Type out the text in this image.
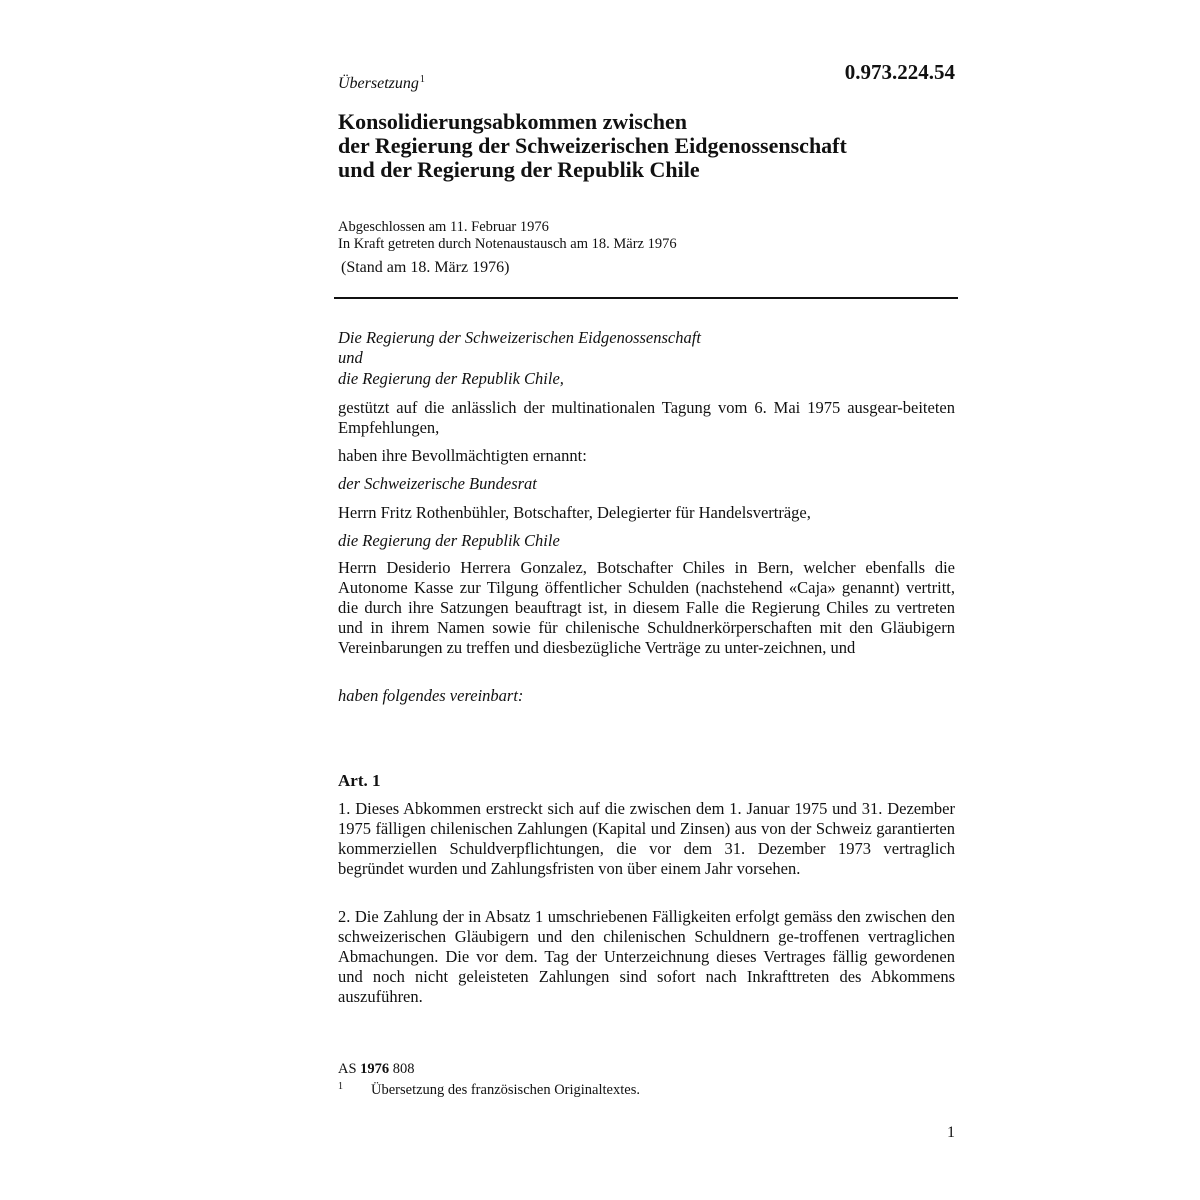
0.973.224.54
Übersetzung$^1$
Konsolidierungsabkommen zwischen
der Regierung der Schweizerischen Eidgenossenschaft
und der Regierung der Republik Chile
Abgeschlossen am 11. Februar 1976
In Kraft getreten durch Notenaustausch am 18. März 1976
(Stand am 18. März 1976)
Die Regierung der Schweizerischen Eidgenossenschaft
und
die Regierung der Republik Chile,
gestützt auf die anlässlich der multinationalen Tagung vom 6. Mai 1975 ausgear-beiteten Empfehlungen,
haben ihre Bevollmächtigten ernannt:
der Schweizerische Bundesrat
Herrn Fritz Rothenbühler, Botschafter, Delegierter für Handelsverträge,
die Regierung der Republik Chile
Herrn Desiderio Herrera Gonzalez, Botschafter Chiles in Bern, welcher ebenfalls die Autonome Kasse zur Tilgung öffentlicher Schulden (nachstehend «Caja» genannt) vertritt, die durch ihre Satzungen beauftragt ist, in diesem Falle die Regierung Chiles zu vertreten und in ihrem Namen sowie für chilenische Schuldnerkörperschaften mit den Gläubigern Vereinbarungen zu treffen und diesbezügliche Verträge zu unter-zeichnen, und
haben folgendes vereinbart:
Art. 1
1. Dieses Abkommen erstreckt sich auf die zwischen dem 1. Januar 1975 und 31. Dezember 1975 fälligen chilenischen Zahlungen (Kapital und Zinsen) aus von der Schweiz garantierten kommerziellen Schuldverpflichtungen, die vor dem 31. Dezember 1973 vertraglich begründet wurden und Zahlungsfristen von über einem Jahr vorsehen.
2. Die Zahlung der in Absatz 1 umschriebenen Fälligkeiten erfolgt gemäss den zwischen den schweizerischen Gläubigern und den chilenischen Schuldnern ge-troffenen vertraglichen Abmachungen. Die vor dem. Tag der Unterzeichnung dieses Vertrages fällig gewordenen und noch nicht geleisteten Zahlungen sind sofort nach Inkrafttreten des Abkommens auszuführen.
AS 1976 808
1 Übersetzung des französischen Originaltextes.
1
